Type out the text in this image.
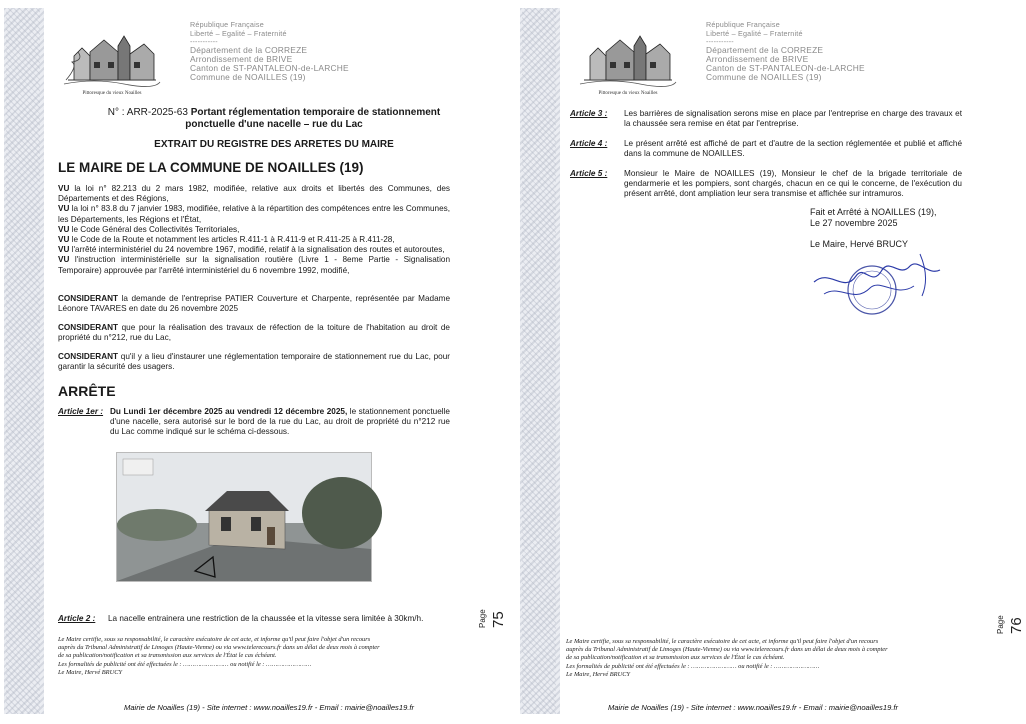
Pittoresque du vieux Noailles
République Française
Liberté – Egalité – Fraternité
-----------
Département de la CORREZE
Arrondissement de BRIVE
Canton de ST-PANTALEON-de-LARCHE
Commune de NOAILLES (19)
N° : ARR-2025-63 Portant réglementation temporaire de stationnement
ponctuelle d'une nacelle – rue du Lac
EXTRAIT DU REGISTRE DES ARRETES DU MAIRE
LE MAIRE DE LA COMMUNE DE NOAILLES (19)
VU la loi n° 82.213 du 2 mars 1982, modifiée, relative aux droits et libertés des Communes, des Départements et des Régions,
VU la loi n° 83.8 du 7 janvier 1983, modifiée, relative à la répartition des compétences entre les Communes, les Départements, les Régions et l'État,
VU le Code Général des Collectivités Territoriales,
VU le Code de la Route et notamment les articles R.411-1 à R.411-9 et R.411-25 à R.411-28,
VU l'arrêté interministériel du 24 novembre 1967, modifié, relatif à la signalisation des routes et autoroutes,
VU l'instruction interministérielle sur la signalisation routière (Livre 1 - 8eme Partie - Signalisation Temporaire) approuvée par l'arrêté interministériel du 6 novembre 1992, modifié,
CONSIDERANT la demande de l'entreprise PATIER Couverture et Charpente, représentée par Madame Léonore TAVARES en date du 26 novembre 2025
CONSIDERANT que pour la réalisation des travaux de réfection de la toiture de l'habitation au droit de propriété du n°212, rue du Lac,
CONSIDERANT qu'il y a lieu d'instaurer une réglementation temporaire de stationnement rue du Lac, pour garantir la sécurité des usagers.
ARRÊTE
Article 1er : Du Lundi 1er décembre 2025 au vendredi 12 décembre 2025, le stationnement ponctuelle d'une nacelle, sera autorisé sur le bord de la rue du Lac, au droit de propriété du n°212 rue du Lac comme indiqué sur le schéma ci-dessous.
Article 2 : La nacelle entrainera une restriction de la chaussée et la vitesse sera limitée à 30km/h.	Page 75
Le Maire certifie, sous sa responsabilité, le caractère exécutoire de cet acte, et informe qu'il peut faire l'objet d'un recours
auprès du Tribunal Administratif de Limoges (Haute-Vienne) ou via www.telerecours.fr dans un délai de deux mois à compter
de sa publication/notification et sa transmission aux services de l'État le cas échéant.
Les formalités de publicité ont été effectuées le : …………………… ou notifié le : ……………………
Le Maire, Hervé BRUCY
Mairie de Noailles (19) - Site internet : www.noailles19.fr - Email : mairie@noailles19.fr
Pittoresque du vieux Noailles
République Française
Liberté – Egalité – Fraternité
-----------
Département de la CORREZE
Arrondissement de BRIVE
Canton de ST-PANTALEON-de-LARCHE
Commune de NOAILLES (19)
Article 3 : Les barrières de signalisation serons mise en place par l'entreprise en charge des travaux et la chaussée sera remise en état par l'entreprise.
Article 4 : Le présent arrêté est affiché de part et d'autre de la section réglementée et publié et affiché dans la commune de NOAILLES.
Article 5 : Monsieur le Maire de NOAILLES (19), Monsieur le chef de la brigade territoriale de gendarmerie et les pompiers, sont chargés, chacun en ce qui le concerne, de l'exécution du présent arrêté, dont ampliation leur sera transmise et affichée sur intramuros.
Fait et Arrêté à NOAILLES (19),
Le 27 novembre 2025
Le Maire, Hervé BRUCY
Page 76
Le Maire certifie, sous sa responsabilité, le caractère exécutoire de cet acte, et informe qu'il peut faire l'objet d'un recours
auprès du Tribunal Administratif de Limoges (Haute-Vienne) ou via www.telerecours.fr dans un délai de deux mois à compter
de sa publication/notification et sa transmission aux services de l'État le cas échéant.
Les formalités de publicité ont été effectuées le : …………………… ou notifié le : ……………………
Le Maire, Hervé BRUCY
Mairie de Noailles (19) - Site internet : www.noailles19.fr - Email : mairie@noailles19.fr
